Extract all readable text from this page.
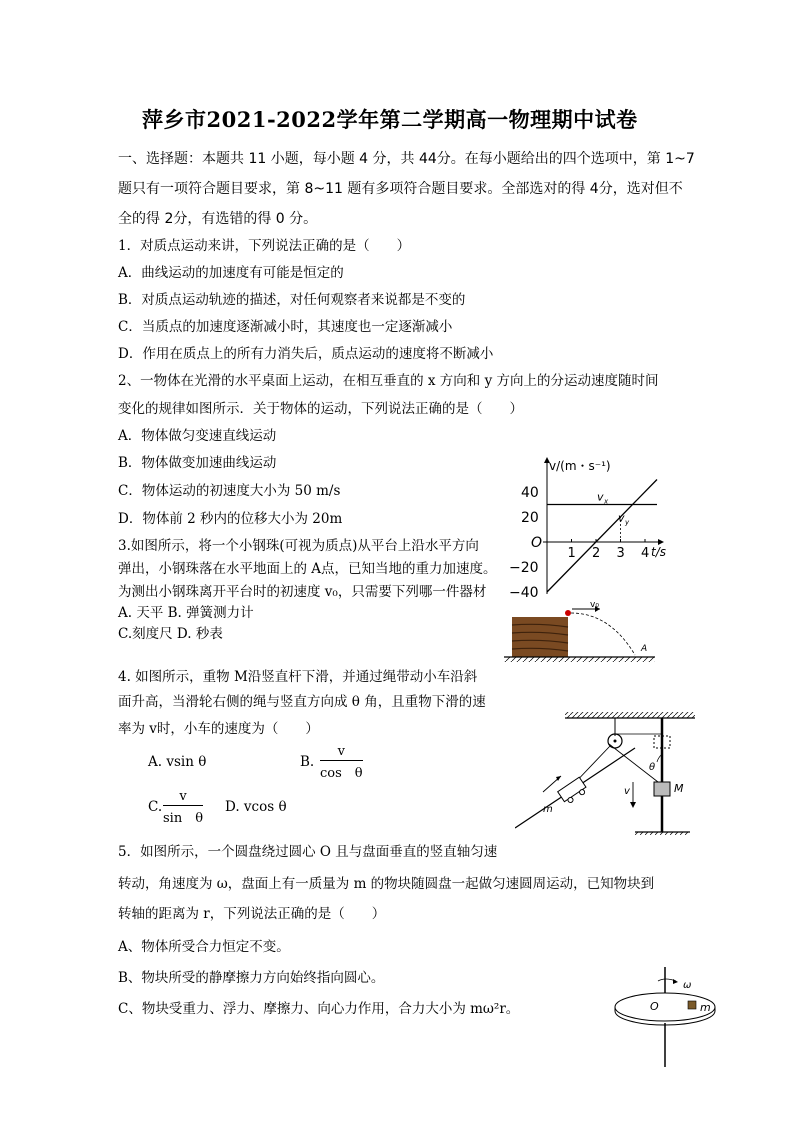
萍乡市2021-2022学年第二学期高一物理期中试卷
一、选择题：本题共 11 小题，每小题 4 分，共 44分。在每小题给出的四个选项中，第 1~7
题只有一项符合题目要求，第 8~11 题有多项符合题目要求。全部选对的得 4分，选对但不
全的得 2分，有选错的得 0 分。
1．对质点运动来讲，下列说法正确的是（　　）
A．曲线运动的加速度有可能是恒定的
B．对质点运动轨迹的描述，对任何观察者来说都是不变的
C．当质点的加速度逐渐减小时，其速度也一定逐渐减小
D．作用在质点上的所有力消失后，质点运动的速度将不断减小
2、一物体在光滑的水平桌面上运动，在相互垂直的 x 方向和 y 方向上的分运动速度随时间
变化的规律如图所示．关于物体的运动，下列说法正确的是（　　）
A．物体做匀变速直线运动
B．物体做变加速曲线运动
C．物体运动的初速度大小为 50 m/s
D．物体前 2 秒内的位移大小为 20m
v/(m・s⁻¹)
t/s
1 2 3 4
40
20
O
−20
−40
v x
v y
3.如图所示，将一个小钢珠(可视为质点)从平台上沿水平方向
弹出，小钢珠落在水平地面上的 A点，已知当地的重力加速度。
为测出小钢珠离开平台时的初速度 v₀，只需要下列哪一件器材
A. 天平 B. 弹簧测力计
C.刻度尺 D. 秒表
v₀
A
4. 如图所示，重物 M沿竖直杆下滑，并通过绳带动小车沿斜
面升高，当滑轮右侧的绳与竖直方向成 θ 角，且重物下滑的速
率为 v时，小车的速度为（　　）
A. vsin θ	B. $\frac{v}{\text{cos　θ}}$
C. $\frac{v}{\text{sin　θ}} D$. vcos θ
θ
M
v
m
5．如图所示，一个圆盘绕过圆心 O 且与盘面垂直的竖直轴匀速
转动，角速度为 ω，盘面上有一质量为 m 的物块随圆盘一起做匀速圆周运动，已知物块到
转轴的距离为 r，下列说法正确的是（　　）
A、物体所受合力恒定不变。
B、物块所受的静摩擦力方向始终指向圆心。
C、物块受重力、浮力、摩擦力、向心力作用，合力大小为 mω²r。
ω
O	m
